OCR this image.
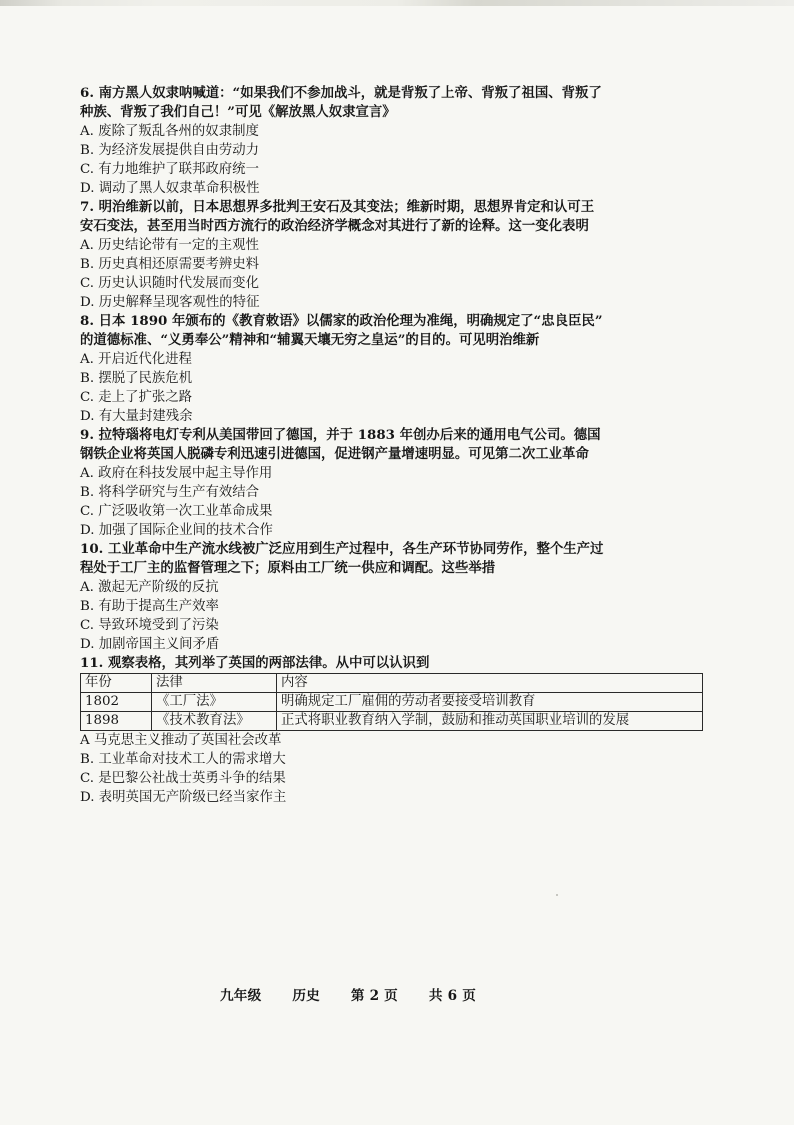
6. 南方黑人奴隶呐喊道：“如果我们不参加战斗，就是背叛了上帝、背叛了祖国、背叛了
种族、背叛了我们自己！”可见《解放黑人奴隶宣言》
A. 废除了叛乱各州的奴隶制度
B. 为经济发展提供自由劳动力
C. 有力地维护了联邦政府统一
D. 调动了黑人奴隶革命积极性
7. 明治维新以前，日本思想界多批判王安石及其变法；维新时期，思想界肯定和认可王
安石变法，甚至用当时西方流行的政治经济学概念对其进行了新的诠释。这一变化表明
A. 历史结论带有一定的主观性
B. 历史真相还原需要考辨史料
C. 历史认识随时代发展而变化
D. 历史解释呈现客观性的特征
8. 日本 1890 年颁布的《教育敕语》以儒家的政治伦理为准绳，明确规定了“忠良臣民”
的道德标准、“义勇奉公”精神和“辅翼天壤无穷之皇运”的目的。可见明治维新
A. 开启近代化进程
B. 摆脱了民族危机
C. 走上了扩张之路
D. 有大量封建残余
9. 拉特瑙将电灯专利从美国带回了德国，并于 1883 年创办后来的通用电气公司。德国
钢铁企业将英国人脱磷专利迅速引进德国，促进钢产量增速明显。可见第二次工业革命
A. 政府在科技发展中起主导作用
B. 将科学研究与生产有效结合
C. 广泛吸收第一次工业革命成果
D. 加强了国际企业间的技术合作
10. 工业革命中生产流水线被广泛应用到生产过程中，各生产环节协同劳作，整个生产过
程处于工厂主的监督管理之下；原料由工厂统一供应和调配。这些举措
A. 激起无产阶级的反抗
B. 有助于提高生产效率
C. 导致环境受到了污染
D. 加剧帝国主义间矛盾
11. 观察表格，其列举了英国的两部法律。从中可以认识到
年份	法律	内容
1802	《工厂法》	明确规定工厂雇佣的劳动者要接受培训教育
1898	《技术教育法》	正式将职业教育纳入学制，鼓励和推动英国职业培训的发展
A 马克思主义推动了英国社会改革
B. 工业革命对技术工人的需求增大
C. 是巴黎公社战士英勇斗争的结果
D. 表明英国无产阶级已经当家作主
九年级 历史 第 2 页 共 6 页
